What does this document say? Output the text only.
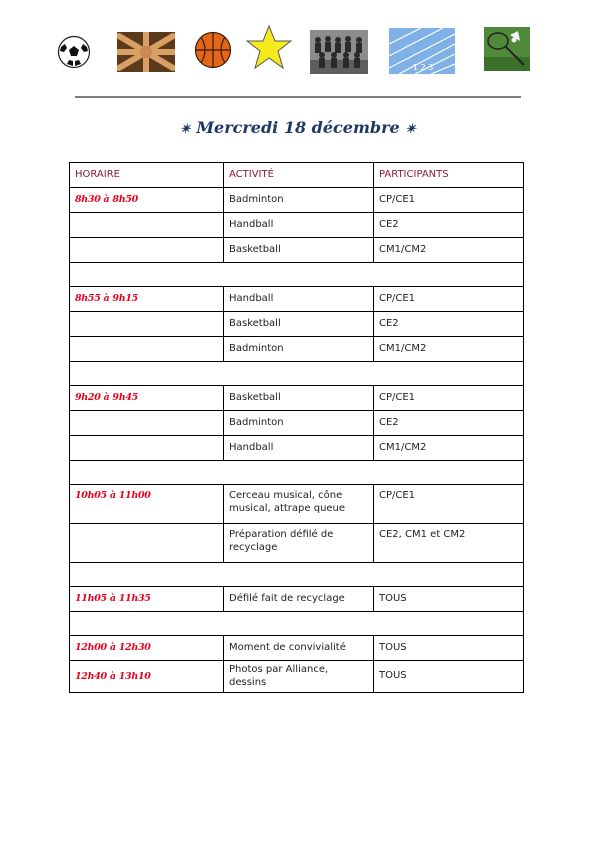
1 2 3
✴ Mercredi 18 décembre ✴
HORAIRE	ACTIVITÉ	PARTICIPANTS
8h30 à 8h50	Badminton	CP/CE1
	Handball	CE2
	Basketball	CM1/CM2

8h55 à 9h15	Handball	CP/CE1
	Basketball	CE2
	Badminton	CM1/CM2

9h20 à 9h45	Basketball	CP/CE1
	Badminton	CE2
	Handball	CM1/CM2

10h05 à 11h00	Cerceau musical, cône musical, attrape queue	CP/CE1
	Préparation défilé de recyclage	CE2, CM1 et CM2

11h05 à 11h35	Défilé fait de recyclage	TOUS

12h00 à 12h30	Moment de convivialité	TOUS
12h40 à 13h10	Photos par Alliance, dessins	TOUS
